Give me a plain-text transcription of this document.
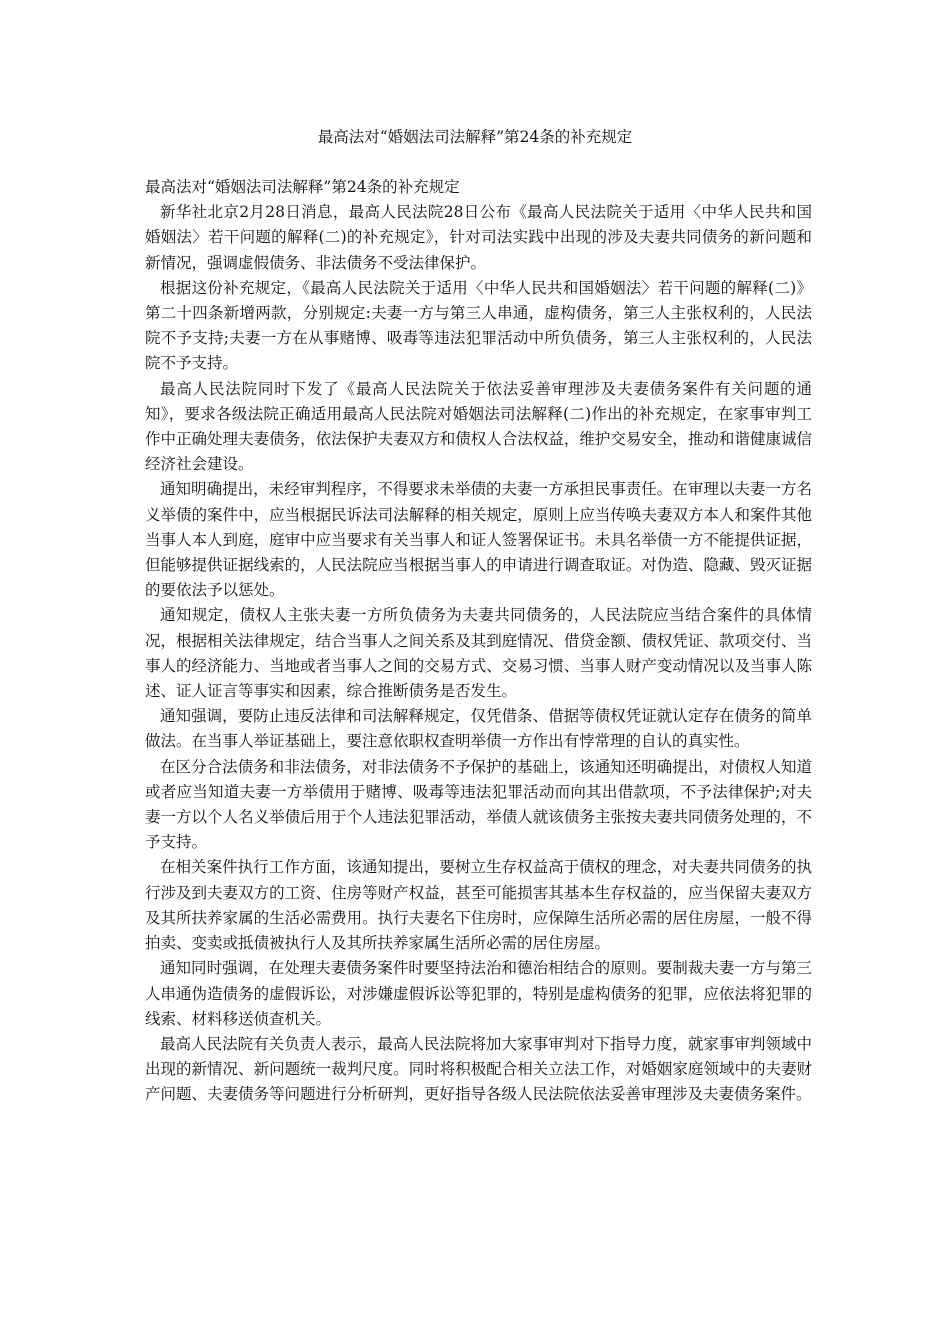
最高法对“婚姻法司法解释”第24条的补充规定

最高法对“婚姻法司法解释”第24条的补充规定

新华社北京2月28日消息，最高人民法院28日公布《最高人民法院关于适用〈中华人民共和国婚姻法〉若干问题的解释(二)的补充规定》，针对司法实践中出现的涉及夫妻共同债务的新问题和新情况，强调虚假债务、非法债务不受法律保护。

根据这份补充规定，《最高人民法院关于适用〈中华人民共和国婚姻法〉若干问题的解释(二)》第二十四条新增两款，分别规定:夫妻一方与第三人串通，虚构债务，第三人主张权利的，人民法院不予支持;夫妻一方在从事赌博、吸毒等违法犯罪活动中所负债务，第三人主张权利的，人民法院不予支持。

最高人民法院同时下发了《最高人民法院关于依法妥善审理涉及夫妻债务案件有关问题的通知》，要求各级法院正确适用最高人民法院对婚姻法司法解释(二)作出的补充规定，在家事审判工作中正确处理夫妻债务，依法保护夫妻双方和债权人合法权益，维护交易安全，推动和谐健康诚信经济社会建设。

通知明确提出，未经审判程序，不得要求未举债的夫妻一方承担民事责任。在审理以夫妻一方名义举债的案件中，应当根据民诉法司法解释的相关规定，原则上应当传唤夫妻双方本人和案件其他当事人本人到庭，庭审中应当要求有关当事人和证人签署保证书。未具名举债一方不能提供证据，但能够提供证据线索的，人民法院应当根据当事人的申请进行调查取证。对伪造、隐藏、毁灭证据的要依法予以惩处。

通知规定，债权人主张夫妻一方所负债务为夫妻共同债务的，人民法院应当结合案件的具体情况，根据相关法律规定，结合当事人之间关系及其到庭情况、借贷金额、债权凭证、款项交付、当事人的经济能力、当地或者当事人之间的交易方式、交易习惯、当事人财产变动情况以及当事人陈述、证人证言等事实和因素，综合推断债务是否发生。

通知强调，要防止违反法律和司法解释规定，仅凭借条、借据等债权凭证就认定存在债务的简单做法。在当事人举证基础上，要注意依职权查明举债一方作出有悖常理的自认的真实性。

在区分合法债务和非法债务，对非法债务不予保护的基础上，该通知还明确提出，对债权人知道或者应当知道夫妻一方举债用于赌博、吸毒等违法犯罪活动而向其出借款项，不予法律保护;对夫妻一方以个人名义举债后用于个人违法犯罪活动，举债人就该债务主张按夫妻共同债务处理的，不予支持。

在相关案件执行工作方面，该通知提出，要树立生存权益高于债权的理念，对夫妻共同债务的执行涉及到夫妻双方的工资、住房等财产权益，甚至可能损害其基本生存权益的，应当保留夫妻双方及其所扶养家属的生活必需费用。执行夫妻名下住房时，应保障生活所必需的居住房屋，一般不得拍卖、变卖或抵债被执行人及其所扶养家属生活所必需的居住房屋。

通知同时强调，在处理夫妻债务案件时要坚持法治和德治相结合的原则。要制裁夫妻一方与第三人串通伪造债务的虚假诉讼，对涉嫌虚假诉讼等犯罪的，特别是虚构债务的犯罪，应依法将犯罪的线索、材料移送侦查机关。

最高人民法院有关负责人表示，最高人民法院将加大家事审判对下指导力度，就家事审判领域中出现的新情况、新问题统一裁判尺度。同时将积极配合相关立法工作，对婚姻家庭领域中的夫妻财产问题、夫妻债务等问题进行分析研判，更好指导各级人民法院依法妥善审理涉及夫妻债务案件。
